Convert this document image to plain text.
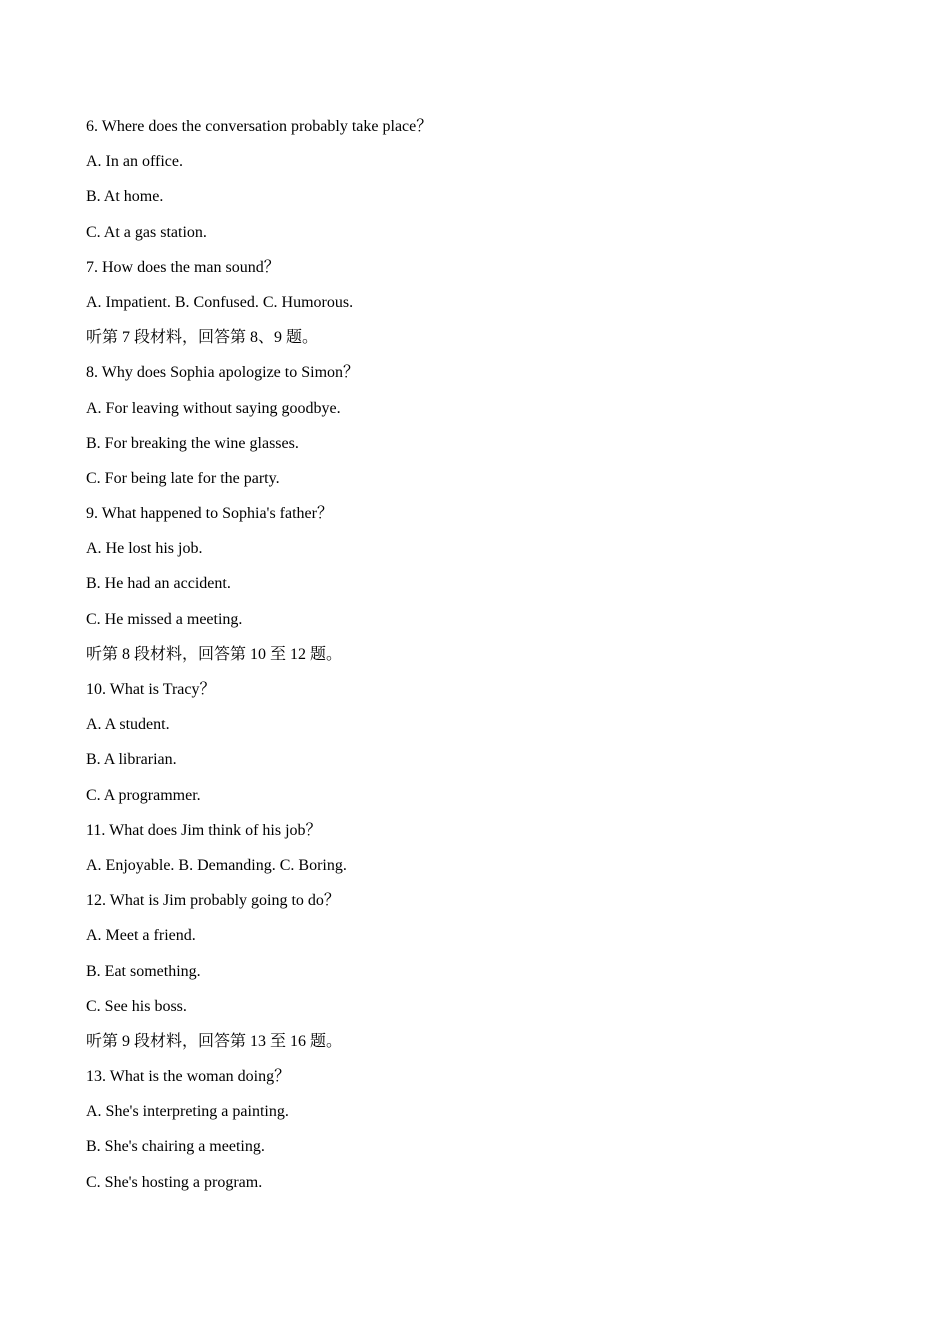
6. Where does the conversation probably take place？
A. In an office.
B. At home.
C. At a gas station.
7. How does the man sound？
A. Impatient. B. Confused. C. Humorous.
听第 7 段材料，回答第 8、9 题。
8. Why does Sophia apologize to Simon？
A. For leaving without saying goodbye.
B. For breaking the wine glasses.
C. For being late for the party.
9. What happened to Sophia's father？
A. He lost his job.
B. He had an accident.
C. He missed a meeting.
听第 8 段材料，回答第 10 至 12 题。
10. What is Tracy？
A. A student.
B. A librarian.
C. A programmer.
11. What does Jim think of his job？
A. Enjoyable. B. Demanding. C. Boring.
12. What is Jim probably going to do？
A. Meet a friend.
B. Eat something.
C. See his boss.
听第 9 段材料，回答第 13 至 16 题。
13. What is the woman doing？
A. She's interpreting a painting.
B. She's chairing a meeting.
C. She's hosting a program.
